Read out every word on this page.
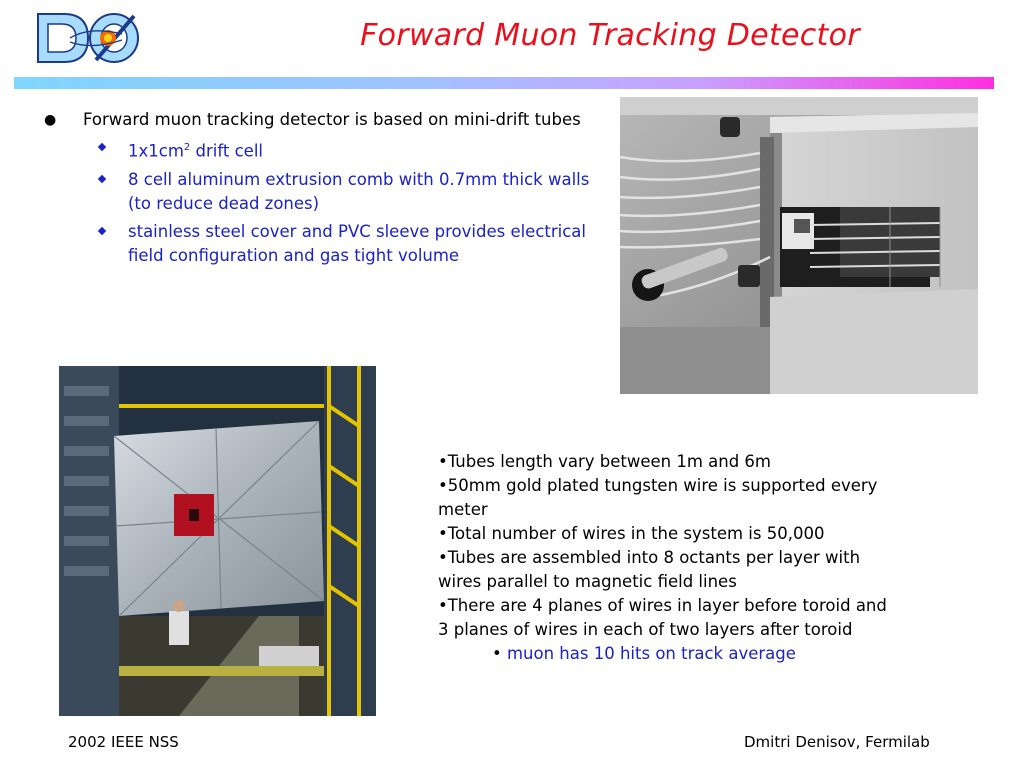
Forward Muon Tracking Detector
● Forward muon tracking detector is based on mini-drift tubes
$1x1cm^2$ drift cell
8 cell aluminum extrusion comb with 0.7mm thick walls (to reduce dead zones)
stainless steel cover and PVC sleeve provides electrical field configuration and gas tight volume
•Tubes length vary between 1m and 6m
•50mm gold plated tungsten wire is supported every
meter
•Total number of wires in the system is 50,000
•Tubes are assembled into 8 octants per layer with
wires parallel to magnetic field lines
•There are 4 planes of wires in layer before toroid and
3 planes of wires in each of two layers after toroid
• muon has 10 hits on track average
2002 IEEE NSS	Dmitri Denisov, Fermilab
